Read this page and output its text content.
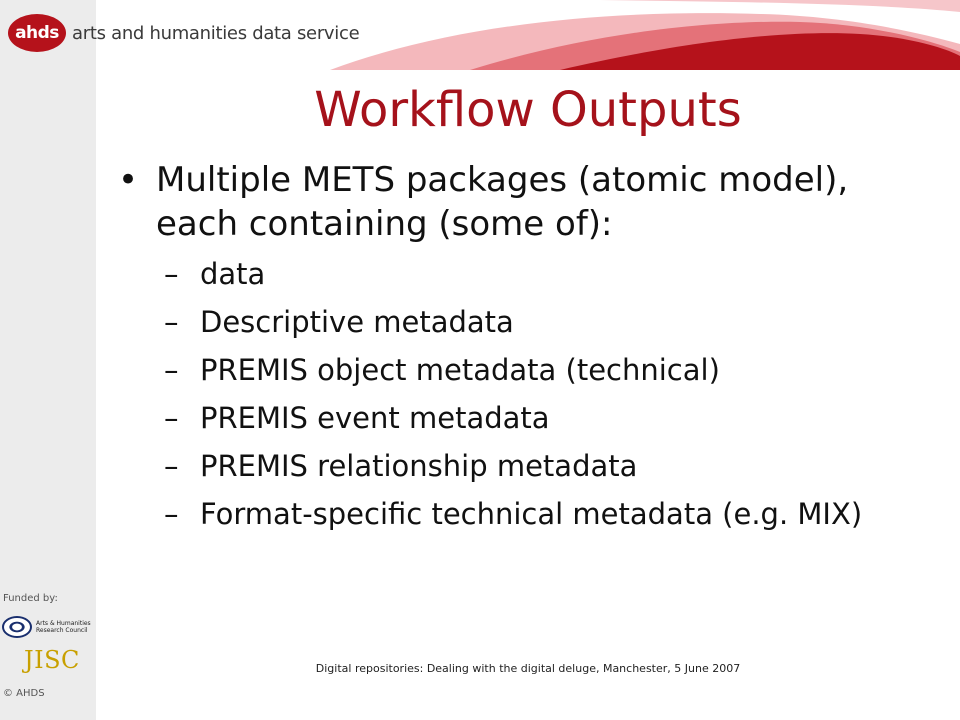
ahds arts and humanities data service
Workflow Outputs
• Multiple METS packages (atomic model), each containing (some of):
– data
– Descriptive metadata
– PREMIS object metadata (technical)
– PREMIS event metadata
– PREMIS relationship metadata
– Format-specific technical metadata (e.g. MIX)
Funded by:
Arts & Humanities
Research Council
JISC
© AHDS
Digital repositories: Dealing with the digital deluge, Manchester, 5 June 2007
